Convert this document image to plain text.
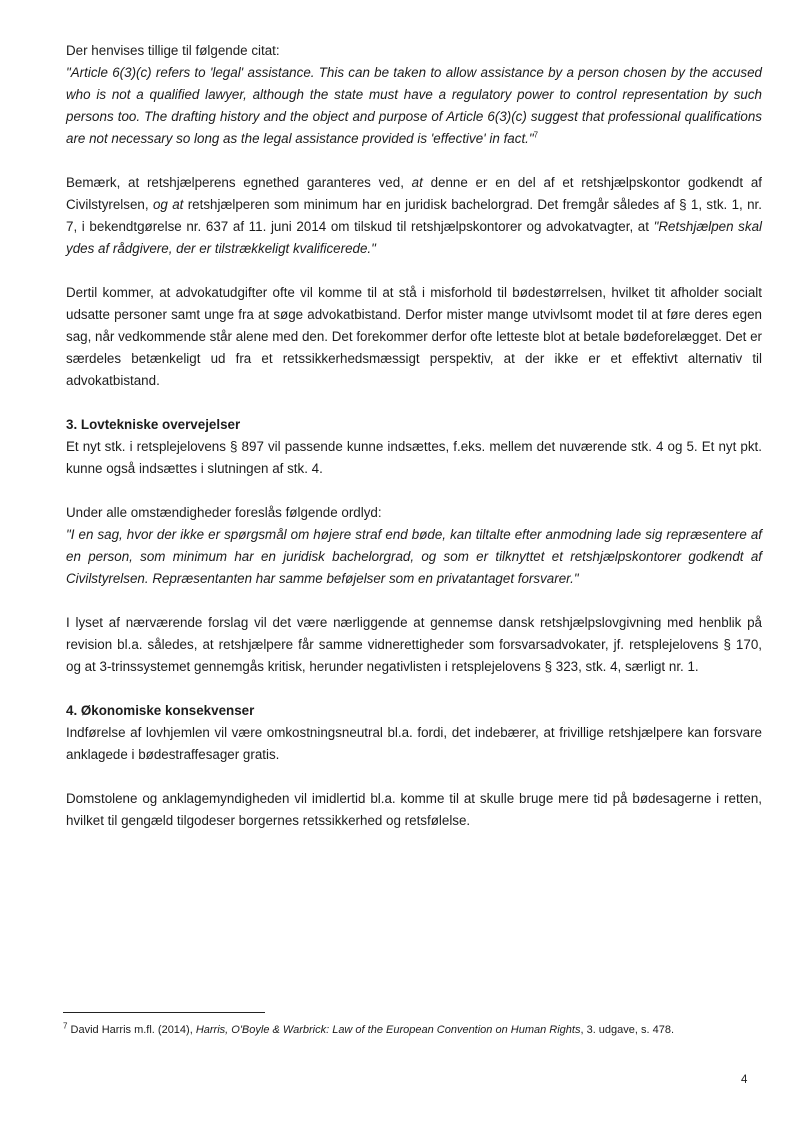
Der henvises tillige til følgende citat:

"Article 6(3)(c) refers to 'legal' assistance. This can be taken to allow assistance by a person chosen by the accused who is not a qualified lawyer, although the state must have a regulatory power to control representation by such persons too. The drafting history and the object and purpose of Article 6(3)(c) suggest that professional qualifications are not necessary so long as the legal assistance provided is 'effective' in fact."$^7$

Bemærk, at retshjælperens egnethed garanteres ved, at denne er en del af et retshjælpskontor godkendt af Civilstyrelsen, og at retshjælperen som minimum har en juridisk bachelorgrad. Det fremgår således af § 1, stk. 1, nr. 7, i bekendtgørelse nr. 637 af 11. juni 2014 om tilskud til retshjælpskontorer og advokatvagter, at "Retshjælpen skal ydes af rådgivere, der er tilstrækkeligt kvalificerede."

Dertil kommer, at advokatudgifter ofte vil komme til at stå i misforhold til bødestørrelsen, hvilket tit afholder socialt udsatte personer samt unge fra at søge advokatbistand. Derfor mister mange utvivlsomt modet til at føre deres egen sag, når vedkommende står alene med den. Det forekommer derfor ofte letteste blot at betale bødeforelægget. Det er særdeles betænkeligt ud fra et retssikkerhedsmæssigt perspektiv, at der ikke er et effektivt alternativ til advokatbistand.

3. Lovtekniske overvejelser

Et nyt stk. i retsplejelovens § 897 vil passende kunne indsættes, f.eks. mellem det nuværende stk. 4 og 5. Et nyt pkt. kunne også indsættes i slutningen af stk. 4.

Under alle omstændigheder foreslås følgende ordlyd:

"I en sag, hvor der ikke er spørgsmål om højere straf end bøde, kan tiltalte efter anmodning lade sig repræsentere af en person, som minimum har en juridisk bachelorgrad, og som er tilknyttet et retshjælpskontorer godkendt af Civilstyrelsen. Repræsentanten har samme beføjelser som en privatantaget forsvarer."

I lyset af nærværende forslag vil det være nærliggende at gennemse dansk retshjælpslovgivning med henblik på revision bl.a. således, at retshjælpere får samme vidnerettigheder som forsvarsadvokater, jf. retsplejelovens § 170, og at 3-trinssystemet gennemgås kritisk, herunder negativlisten i retsplejelovens § 323, stk. 4, særligt nr. 1.

4. Økonomiske konsekvenser

Indførelse af lovhjemlen vil være omkostningsneutral bl.a. fordi, det indebærer, at frivillige retshjælpere kan forsvare anklagede i bødestraffesager gratis.

Domstolene og anklagemyndigheden vil imidlertid bl.a. komme til at skulle bruge mere tid på bødesagerne i retten, hvilket til gengæld tilgodeser borgernes retssikkerhed og retsfølelse.

$^7$ David Harris m.fl. (2014), Harris, O'Boyle & Warbrick: Law of the European Convention on Human Rights, 3. udgave, s. 478.
4
